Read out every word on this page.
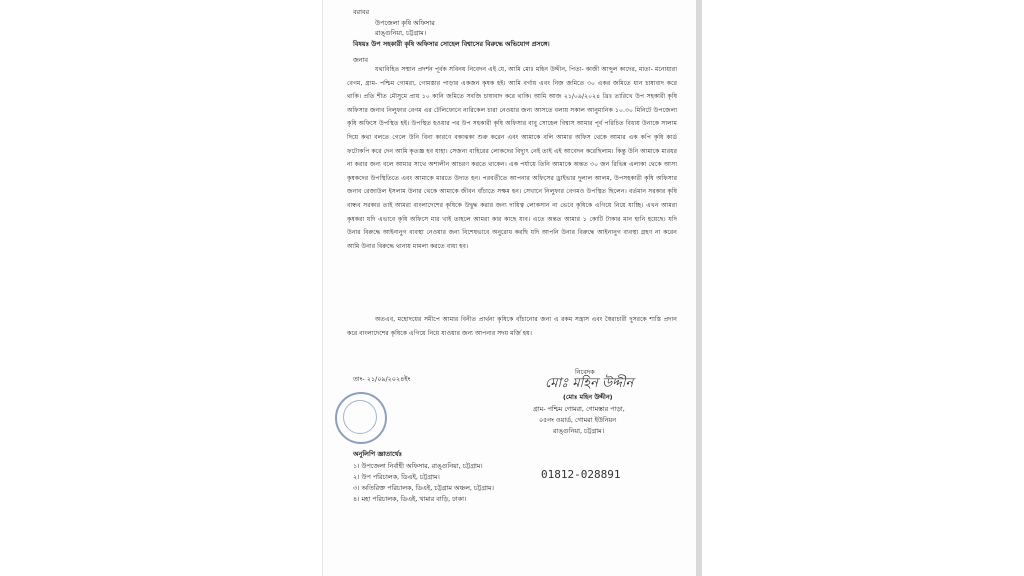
বরাবর
উপজেলা কৃষি অফিসার
রাঙ্গুনিয়া, চট্টগ্রাম।
বিষয়ঃ উপ সহকারী কৃষি অফিসার সোহেল বিশ্বাসের বিরুদ্ধে অভিযোগ প্রসঙ্গে।
জনাব
যথাবিহিত সম্মান প্রদর্শন পূর্বক সবিনয় নিবেদন এই যে, আমি মোঃ মহিন উদ্দীন, পিতা- কাজী আব্দুল কাদের, মাতা- মনোয়ারা বেগম, গ্রাম- পশ্চিম গোমরা, গোমস্তার পাড়ার একজন কৃষক হই। আমি বর্গায় এবং নিজ জমিতে ৩০ একর জমিতে ধান চাষাবাদ করে থাকি। প্রতি শীত মৌসুমে প্রায় ১০ কানি জমিতে সবজি চাষাবাদ করে থাকি। আমি আজ ২১/০৯/২০২৪ খ্রিঃ তারিখে উপ সহকারী কৃষি অফিসার জনাব নিলুফার বেগম এর টেলিফোনে নারিকেল চারা নেওয়ার জন্য আসতে বলায় সকাল আনুমানিক ১০.৩০ মিনিটে উপজেলা কৃষি অফিসে উপস্থিত হই। উপস্থিত হওয়ার পর উপ সহকারী কৃষি অফিসার বাবু সোহেল বিশ্বাস আমার পূর্ব পরিচিত বিধায় উনাকে সালাম দিয়ে কথা বলতে গেলে উনি বিনা কারণে বকাঝকা শুরু করেন এবং আমাকে বলি আমার অফিস থেকে আমার এক কপি কৃষি কার্ড ফটোকপি করে দেন আমি কৃতজ্ঞ হব যাহা। সেজন্য বাহিরের লোকদের বিদ্যুৎ নেই তাই এই আবেদন করেছিলাম। কিন্তু উনি আমাকে মারধর না করার জন্য বলে আমার সাথে অশালীন আচরণ করতে থাকেন। এক পর্যায়ে তিনি আমাকে অন্তত ৩০ জন রিভিন্ন এলাকা থেকে আসা কৃষকদের উপস্থিতিতে এবং আমাকে মারতে উদ্যত হন। পরবর্তীতে আপনার অফিসের ড্রাইভার দুলাল আলম, উপসহকারী কৃষি অফিসার জনাব রেজাউল ইসলাম উনার থেকে আমাকে জীবন বাঁচাতে সক্ষম হন। সেখানে নিলুফার বেগমও উপস্থিত ছিলেন। বর্তমান সরকার কৃষি বান্ধব সরকার তাই আমরা বাংলাদেশের কৃষিকে উদ্বুদ্ধ করার জন্য দায়িত্ব লোকসান না ভেবে কৃষিকে এগিয়ে নিয়ে যাচ্ছি। এখন আমরা কৃষকরা যদি এভাবে কৃষি অফিসে মার খাই তাহলে আমরা কার কাছে যাব। এতে অন্তত আমার ১ কোটি টাকার মান হানি হয়েছে। যদি উনার বিরুদ্ধে আইনানুগ ব্যবস্থা নেওয়ার জন্য বিশেষভাবে অনুরোধ করছি যদি আপনি উনার বিরুদ্ধে আইনানুগ ব্যবস্থা গ্রহণ না করেন আমি উনার বিরুদ্ধে থানায় মামলা করতে বাধ্য হব।
অতএব, মহোদয়ের সমীপে আমার বিনীত প্রার্থনা কৃষিকে বাঁচানোর জন্য এ রকম সন্ত্রাস এবং স্বৈরাচারী দুসরকে শাস্তি প্রদান করে বাংলাদেশের কৃষিকে এগিয়ে নিয়ে যাওয়ার জন্য আপনার সদয় মর্জি হয়।
তাং- ২১/০৯/২০২৪ইং
নিবেদক
মোঃ মহিন উদ্দীন
(মোঃ মহিন উদ্দীন)
গ্রাম- পশ্চিম গোমরা, গোমস্তার পাড়া,
০৫নং ওয়ার্ড, গোমরা ইউনিয়ন
রাঙ্গুনিয়া, চট্টগ্রাম।
অনুলিপি জ্ঞাতার্থেঃ
১। উপজেলা নির্বাহী অফিসার, রাঙ্গুনিয়া, চট্টগ্রাম।
২। উপ পরিচালক, ডিএই, চট্টগ্রাম।
৩। অতিরিক্ত পরিচালক, ডিএই, চট্টগ্রাম অঞ্চল, চট্টগ্রাম।
৪। মহা পরিচালক, ডিএই, খামার বাড়ি, ঢাকা।
01812-028891
